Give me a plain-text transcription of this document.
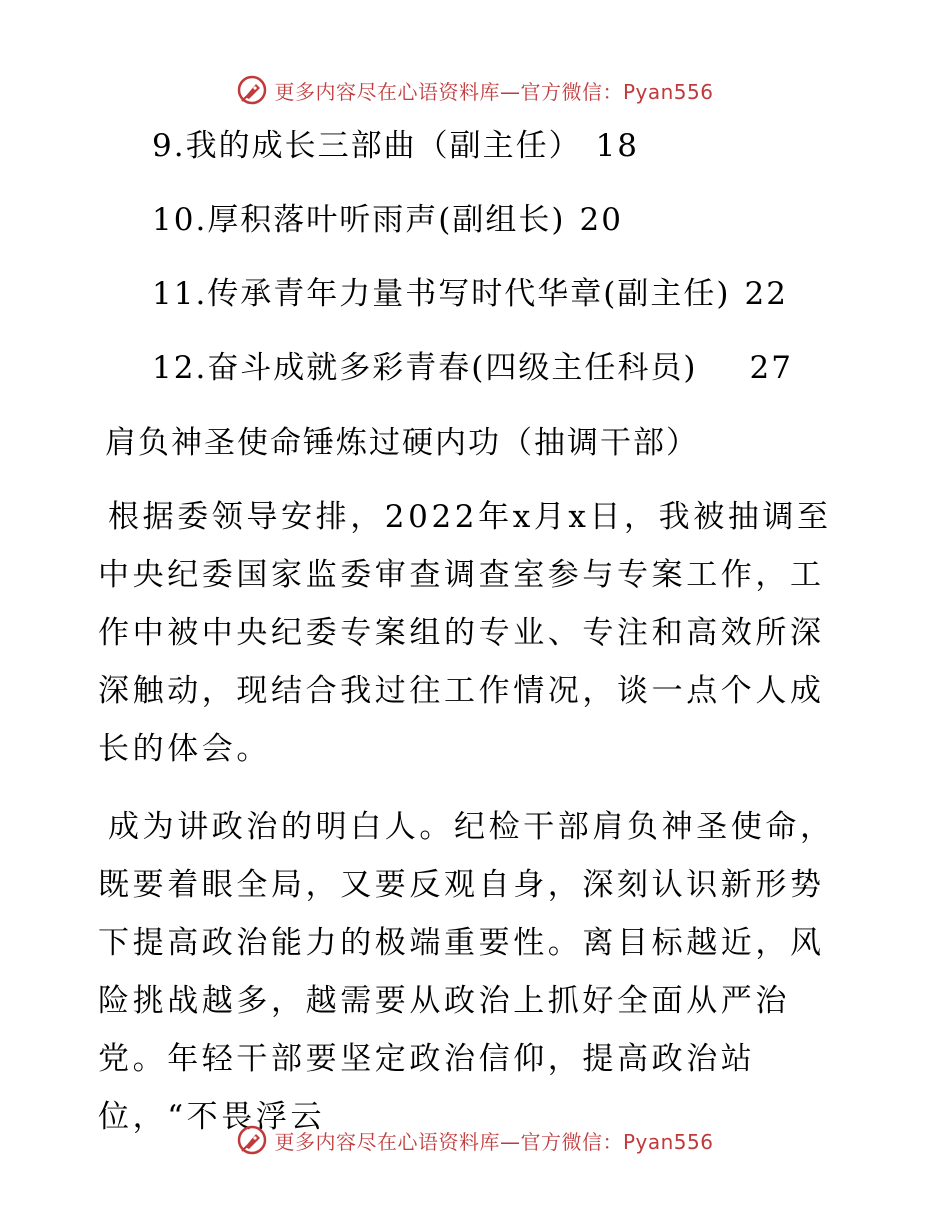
更多内容尽在心语资料库—官方微信：Pyan556
9.我的成长三部曲（副主任） 18
10.厚积落叶听雨声(副组长) 20
11.传承青年力量书写时代华章(副主任) 22
12.奋斗成就多彩青春(四级主任科员) 27
肩负神圣使命锤炼过硬内功（抽调干部）

根据委领导安排，2022年x月x日，我被抽调至中央纪委国家监委审查调查室参与专案工作，工作中被中央纪委专案组的专业、专注和高效所深深触动，现结合我过往工作情况，谈一点个人成长的体会。

成为讲政治的明白人。纪检干部肩负神圣使命，既要着眼全局，又要反观自身，深刻认识新形势下提高政治能力的极端重要性。离目标越近，风险挑战越多，越需要从政治上抓好全面从严治党。年轻干部要坚定政治信仰，提高政治站位，“不畏浮云

更多内容尽在心语资料库—官方微信：Pyan556
